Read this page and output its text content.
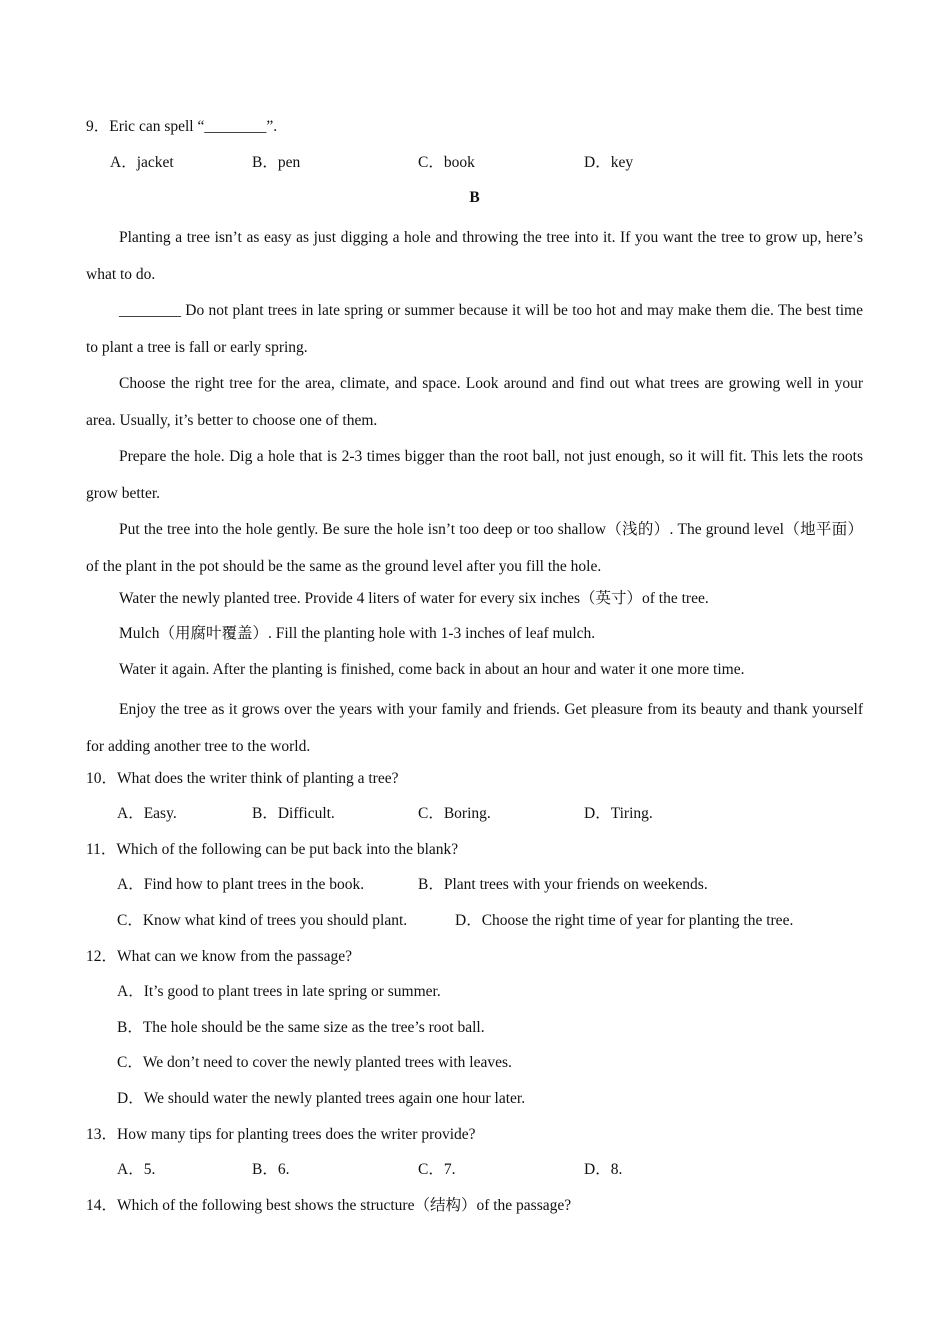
9．Eric can spell “________”.
A．jacket	B．pen	C．book	D．key
B
Planting a tree isn’t as easy as just digging a hole and throwing the tree into it. If you want the tree to grow up, here’s what to do.
________ Do not plant trees in late spring or summer because it will be too hot and may make them die. The best time to plant a tree is fall or early spring.
Choose the right tree for the area, climate, and space. Look around and find out what trees are growing well in your area. Usually, it’s better to choose one of them.
Prepare the hole. Dig a hole that is 2-3 times bigger than the root ball, not just enough, so it will fit. This lets the roots grow better.
Put the tree into the hole gently. Be sure the hole isn’t too deep or too shallow（浅的）. The ground level（地平面）of the plant in the pot should be the same as the ground level after you fill the hole.
Water the newly planted tree. Provide 4 liters of water for every six inches（英寸）of the tree.
Mulch（用腐叶覆盖）. Fill the planting hole with 1-3 inches of leaf mulch.
Water it again. After the planting is finished, come back in about an hour and water it one more time.
Enjoy the tree as it grows over the years with your family and friends. Get pleasure from its beauty and thank yourself for adding another tree to the world.
10．What does the writer think of planting a tree?
A．Easy.	B．Difficult.	C．Boring.	D．Tiring.
11．Which of the following can be put back into the blank?
A．Find how to plant trees in the book.	B．Plant trees with your friends on weekends.
C．Know what kind of trees you should plant.	D．Choose the right time of year for planting the tree.
12．What can we know from the passage?
A．It’s good to plant trees in late spring or summer.
B．The hole should be the same size as the tree’s root ball.
C．We don’t need to cover the newly planted trees with leaves.
D．We should water the newly planted trees again one hour later.
13．How many tips for planting trees does the writer provide?
A．5.	B．6.	C．7.	D．8.
14．Which of the following best shows the structure（结构）of the passage?
